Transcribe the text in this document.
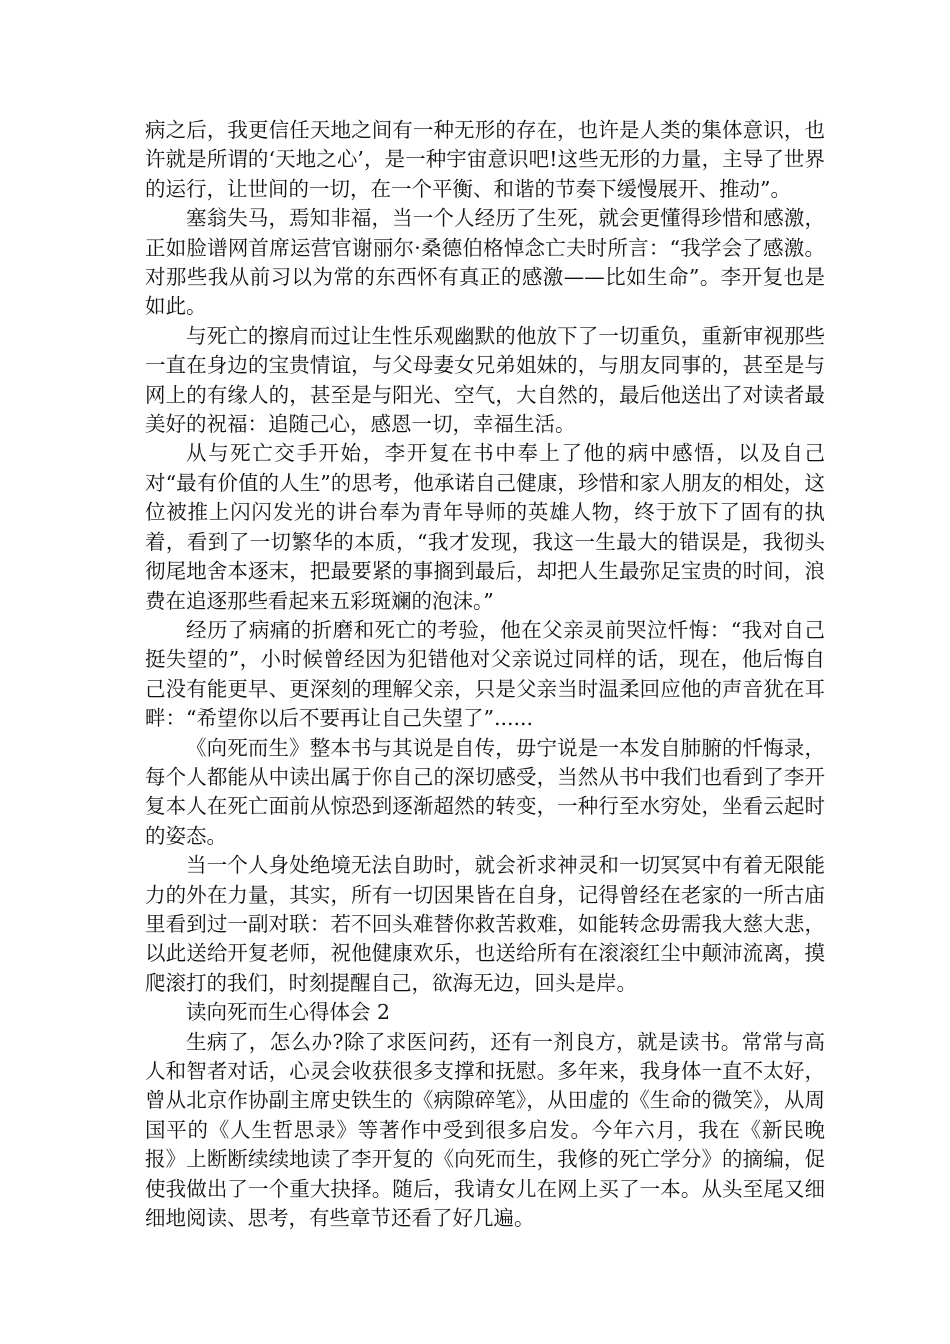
病之后，我更信任天地之间有一种无形的存在，也许是人类的集体意识，也许就是所谓的‘天地之心’，是一种宇宙意识吧!这些无形的力量，主导了世界的运行，让世间的一切，在一个平衡、和谐的节奏下缓慢展开、推动”。

塞翁失马，焉知非福，当一个人经历了生死，就会更懂得珍惜和感激，正如脸谱网首席运营官谢丽尔·桑德伯格悼念亡夫时所言：“我学会了感激。对那些我从前习以为常的东西怀有真正的感激——比如生命”。李开复也是如此。

与死亡的擦肩而过让生性乐观幽默的他放下了一切重负，重新审视那些一直在身边的宝贵情谊，与父母妻女兄弟姐妹的，与朋友同事的，甚至是与网上的有缘人的，甚至是与阳光、空气，大自然的，最后他送出了对读者最美好的祝福：追随己心，感恩一切，幸福生活。

从与死亡交手开始，李开复在书中奉上了他的病中感悟，以及自己对“最有价值的人生”的思考，他承诺自己健康，珍惜和家人朋友的相处，这位被推上闪闪发光的讲台奉为青年导师的英雄人物，终于放下了固有的执着，看到了一切繁华的本质，“我才发现，我这一生最大的错误是，我彻头彻尾地舍本逐末，把最要紧的事搁到最后，却把人生最弥足宝贵的时间，浪费在追逐那些看起来五彩斑斓的泡沫。”

经历了病痛的折磨和死亡的考验，他在父亲灵前哭泣忏悔：“我对自己挺失望的”，小时候曾经因为犯错他对父亲说过同样的话，现在，他后悔自己没有能更早、更深刻的理解父亲，只是父亲当时温柔回应他的声音犹在耳畔：“希望你以后不要再让自己失望了”......

《向死而生》整本书与其说是自传，毋宁说是一本发自肺腑的忏悔录，每个人都能从中读出属于你自己的深切感受，当然从书中我们也看到了李开复本人在死亡面前从惊恐到逐渐超然的转变，一种行至水穷处，坐看云起时的姿态。

当一个人身处绝境无法自助时，就会祈求神灵和一切冥冥中有着无限能力的外在力量，其实，所有一切因果皆在自身，记得曾经在老家的一所古庙里看到过一副对联：若不回头难替你救苦救难，如能转念毋需我大慈大悲，以此送给开复老师，祝他健康欢乐，也送给所有在滚滚红尘中颠沛流离，摸爬滚打的我们，时刻提醒自己，欲海无边，回头是岸。

读向死而生心得体会 2

生病了，怎么办?除了求医问药，还有一剂良方，就是读书。常常与高人和智者对话，心灵会收获很多支撑和抚慰。多年来，我身体一直不太好，曾从北京作协副主席史铁生的《病隙碎笔》，从田虚的《生命的微笑》，从周国平的《人生哲思录》等著作中受到很多启发。今年六月，我在《新民晚报》上断断续续地读了李开复的《向死而生，我修的死亡学分》的摘编，促使我做出了一个重大抉择。随后，我请女儿在网上买了一本。从头至尾又细细地阅读、思考，有些章节还看了好几遍。
